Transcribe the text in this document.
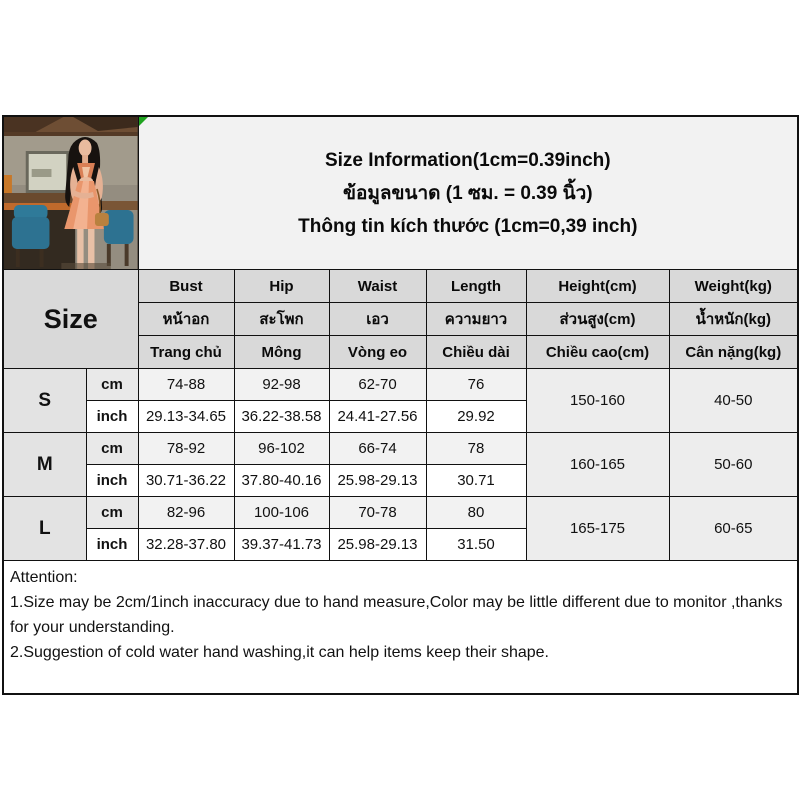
Size Information(1cm=0.39inch)
ข้อมูลขนาด (1 ซม. = 0.39 นิ้ว)
Thông tin kích thước (1cm=0,39 inch)					

Size		Bust	Hip	Waist	Length	Height(cm)	Weight(kg)
		หน้าอก	สะโพก	เอว	ความยาว	ส่วนสูง(cm)	น้ำหนัก(kg)
		Trang chủ	Mông	Vòng eo	Chiều dài	Chiều cao(cm)	Cân nặng(kg)
S	cm	74-88	92-98	62-70	76	150-160	40-50
	inch	29.13-34.65	36.22-38.58	24.41-27.56	29.92		
M	cm	78-92	96-102	66-74	78	160-165	50-60
	inch	30.71-36.22	37.80-40.16	25.98-29.13	30.71		
L	cm	82-96	100-106	70-78	80	165-175	60-65
	inch	32.28-37.80	39.37-41.73	25.98-29.13	31.50		

Attention:
1.Size may be 2cm/1inch inaccuracy due to hand measure,Color may be little different due to monitor ,thanks for your understanding.
2.Suggestion of cold water hand washing,it can help items keep their shape.							
